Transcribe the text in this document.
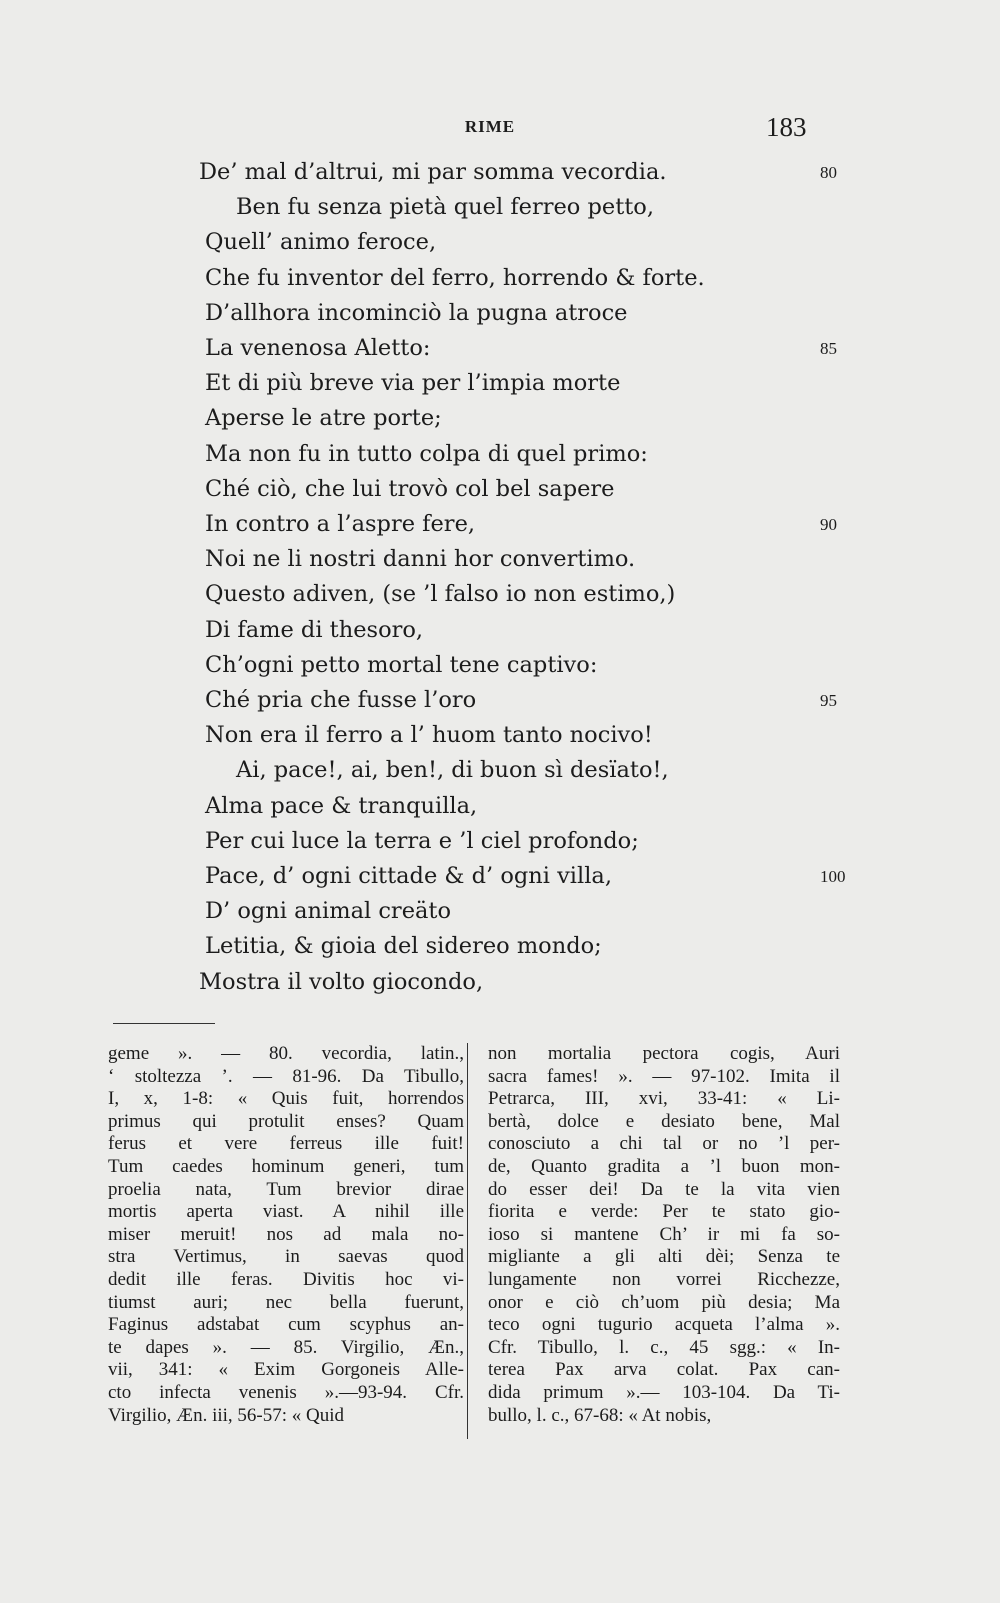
RIME	183
De’ mal d’altrui, mi par somma vecordia.	80
Ben fu senza pietà quel ferreo petto,
Quell’ animo feroce,
Che fu inventor del ferro, horrendo & forte.
D’allhora incominciò la pugna atroce
La venenosa Aletto:	85
Et di più breve via per l’impia morte
Aperse le atre porte;
Ma non fu in tutto colpa di quel primo:
Ché ciò, che lui trovò col bel sapere
In contro a l’aspre fere,	90
Noi ne li nostri danni hor convertimo.
Questo adiven, (se ’l falso io non estimo,)
Di fame di thesoro,
Ch’ogni petto mortal tene captivo:
Ché pria che fusse l’oro	95
Non era il ferro a l’ huom tanto nocivo!
Ai, pace!, ai, ben!, di buon sì desïato!,
Alma pace & tranquilla,
Per cui luce la terra e ’l ciel profondo;
Pace, d’ ogni cittade & d’ ogni villa,	100
D’ ogni animal creäto
Letitia, & gioia del sidereo mondo;
Mostra il volto giocondo,
geme ». — 80. vecordia, latin.,
‘ stoltezza ’. — 81-96. Da Tibullo,
I, x, 1-8: « Quis fuit, horrendos
primus qui protulit enses? Quam
ferus et vere ferreus ille fuit!
Tum caedes hominum generi, tum
proelia nata, Tum brevior dirae
mortis aperta viast. A nihil ille
miser meruit! nos ad mala no-
stra Vertimus, in saevas quod
dedit ille feras. Divitis hoc vi-
tiumst auri; nec bella fuerunt,
Faginus adstabat cum scyphus an-
te dapes ». — 85. Virgilio, Æn.,
vii, 341: « Exim Gorgoneis Alle-
cto infecta venenis ».—93-94. Cfr.
Virgilio, Æn. iii, 56-57: « Quid
non mortalia pectora cogis, Auri
sacra fames! ». — 97-102. Imita il
Petrarca, III, xvi, 33-41: « Li-
bertà, dolce e desiato bene, Mal
conosciuto a chi tal or no ’l per-
de, Quanto gradita a ’l buon mon-
do esser dei! Da te la vita vien
fiorita e verde: Per te stato gio-
ioso si mantene Ch’ ir mi fa so-
migliante a gli alti dèi; Senza te
lungamente non vorrei Ricchezze,
onor e ciò ch’uom più desia; Ma
teco ogni tugurio acqueta l’alma ».
Cfr. Tibullo, l. c., 45 sgg.: « In-
terea Pax arva colat. Pax can-
dida primum ».— 103-104. Da Ti-
bullo, l. c., 67-68: « At nobis,
